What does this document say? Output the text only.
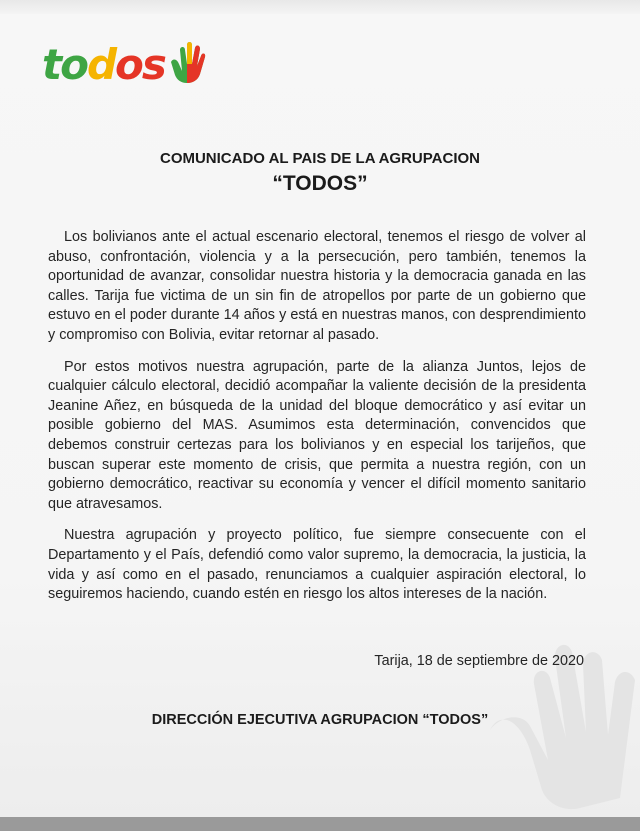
todos
COMUNICADO AL PAIS DE LA AGRUPACION
“TODOS”

Los bolivianos ante el actual escenario electoral, tenemos el riesgo de volver al abuso, confrontación, violencia y a la persecución, pero también, tenemos la oportunidad de avanzar, consolidar nuestra historia y la democracia ganada en las calles. Tarija fue victima de un sin fin de atropellos por parte de un gobierno que estuvo en el poder durante 14 años y está en nuestras manos, con desprendimiento y compromiso con Bolivia, evitar retornar al pasado.

Por estos motivos nuestra agrupación, parte de la alianza Juntos, lejos de cualquier cálculo electoral, decidió acompañar la valiente decisión de la presidenta Jeanine Añez, en búsqueda de la unidad del bloque democrático y así evitar un posible gobierno del MAS. Asumimos esta determinación, convencidos que debemos construir certezas para los bolivianos y en especial los tarijeños, que buscan superar este momento de crisis, que permita a nuestra región, con un gobierno democrático, reactivar su economía y vencer el difícil momento sanitario que atravesamos.

Nuestra agrupación y proyecto político, fue siempre consecuente con el Departamento y el País, defendió como valor supremo, la democracia, la justicia, la vida y así como en el pasado, renunciamos a cualquier aspiración electoral, lo seguiremos haciendo, cuando estén en riesgo los altos intereses de la nación.

Tarija, 18 de septiembre de 2020
DIRECCIÓN EJECUTIVA AGRUPACION “TODOS”
